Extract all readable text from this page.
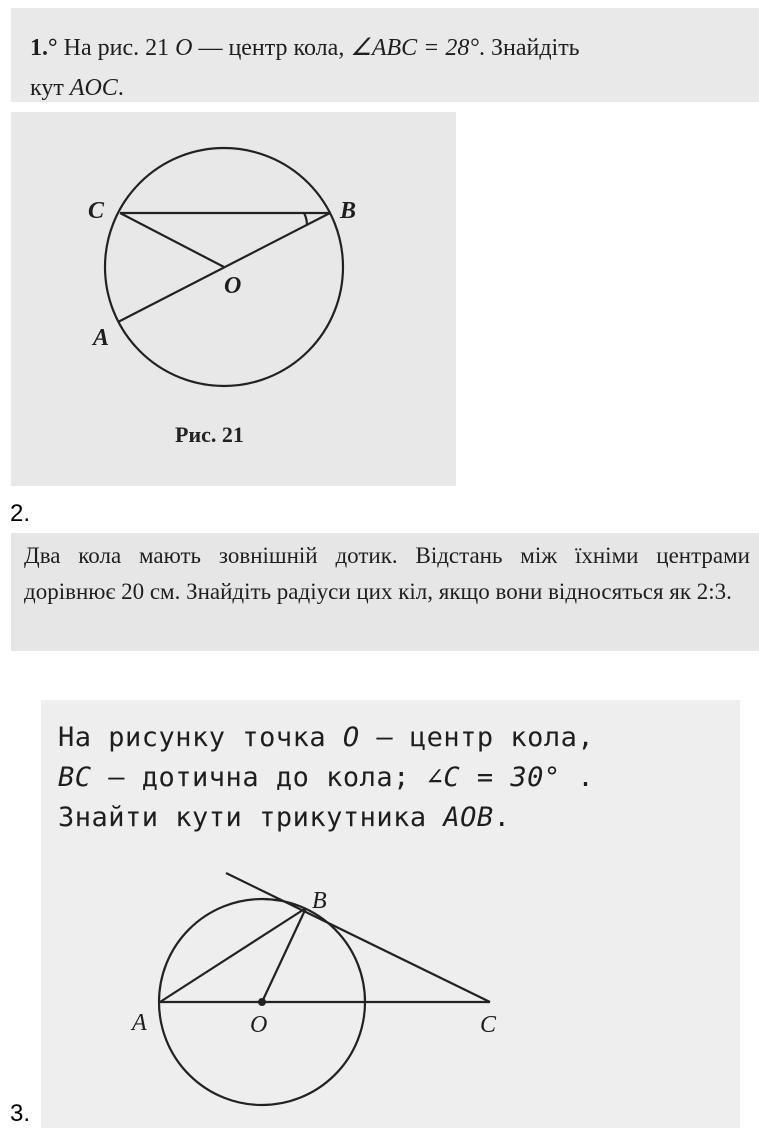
1.° На рис. 21 O — центр кола, ∠ABC = 28°. Знайдіть
кут AOC.

2.

Два кола мають зовнішній дотик. Відстань між їхніми центрами дорівнює 20 см. Знайдіть радіуси цих кіл, якщо вони відносяться як 2:3.

На рисунку точка O — центр кола,
BC — дотична до кола; ∠C = 30° .
Знайти кути трикутника AOB.

3.
C	B
O
A
Рис. 21
A	O
B
C
